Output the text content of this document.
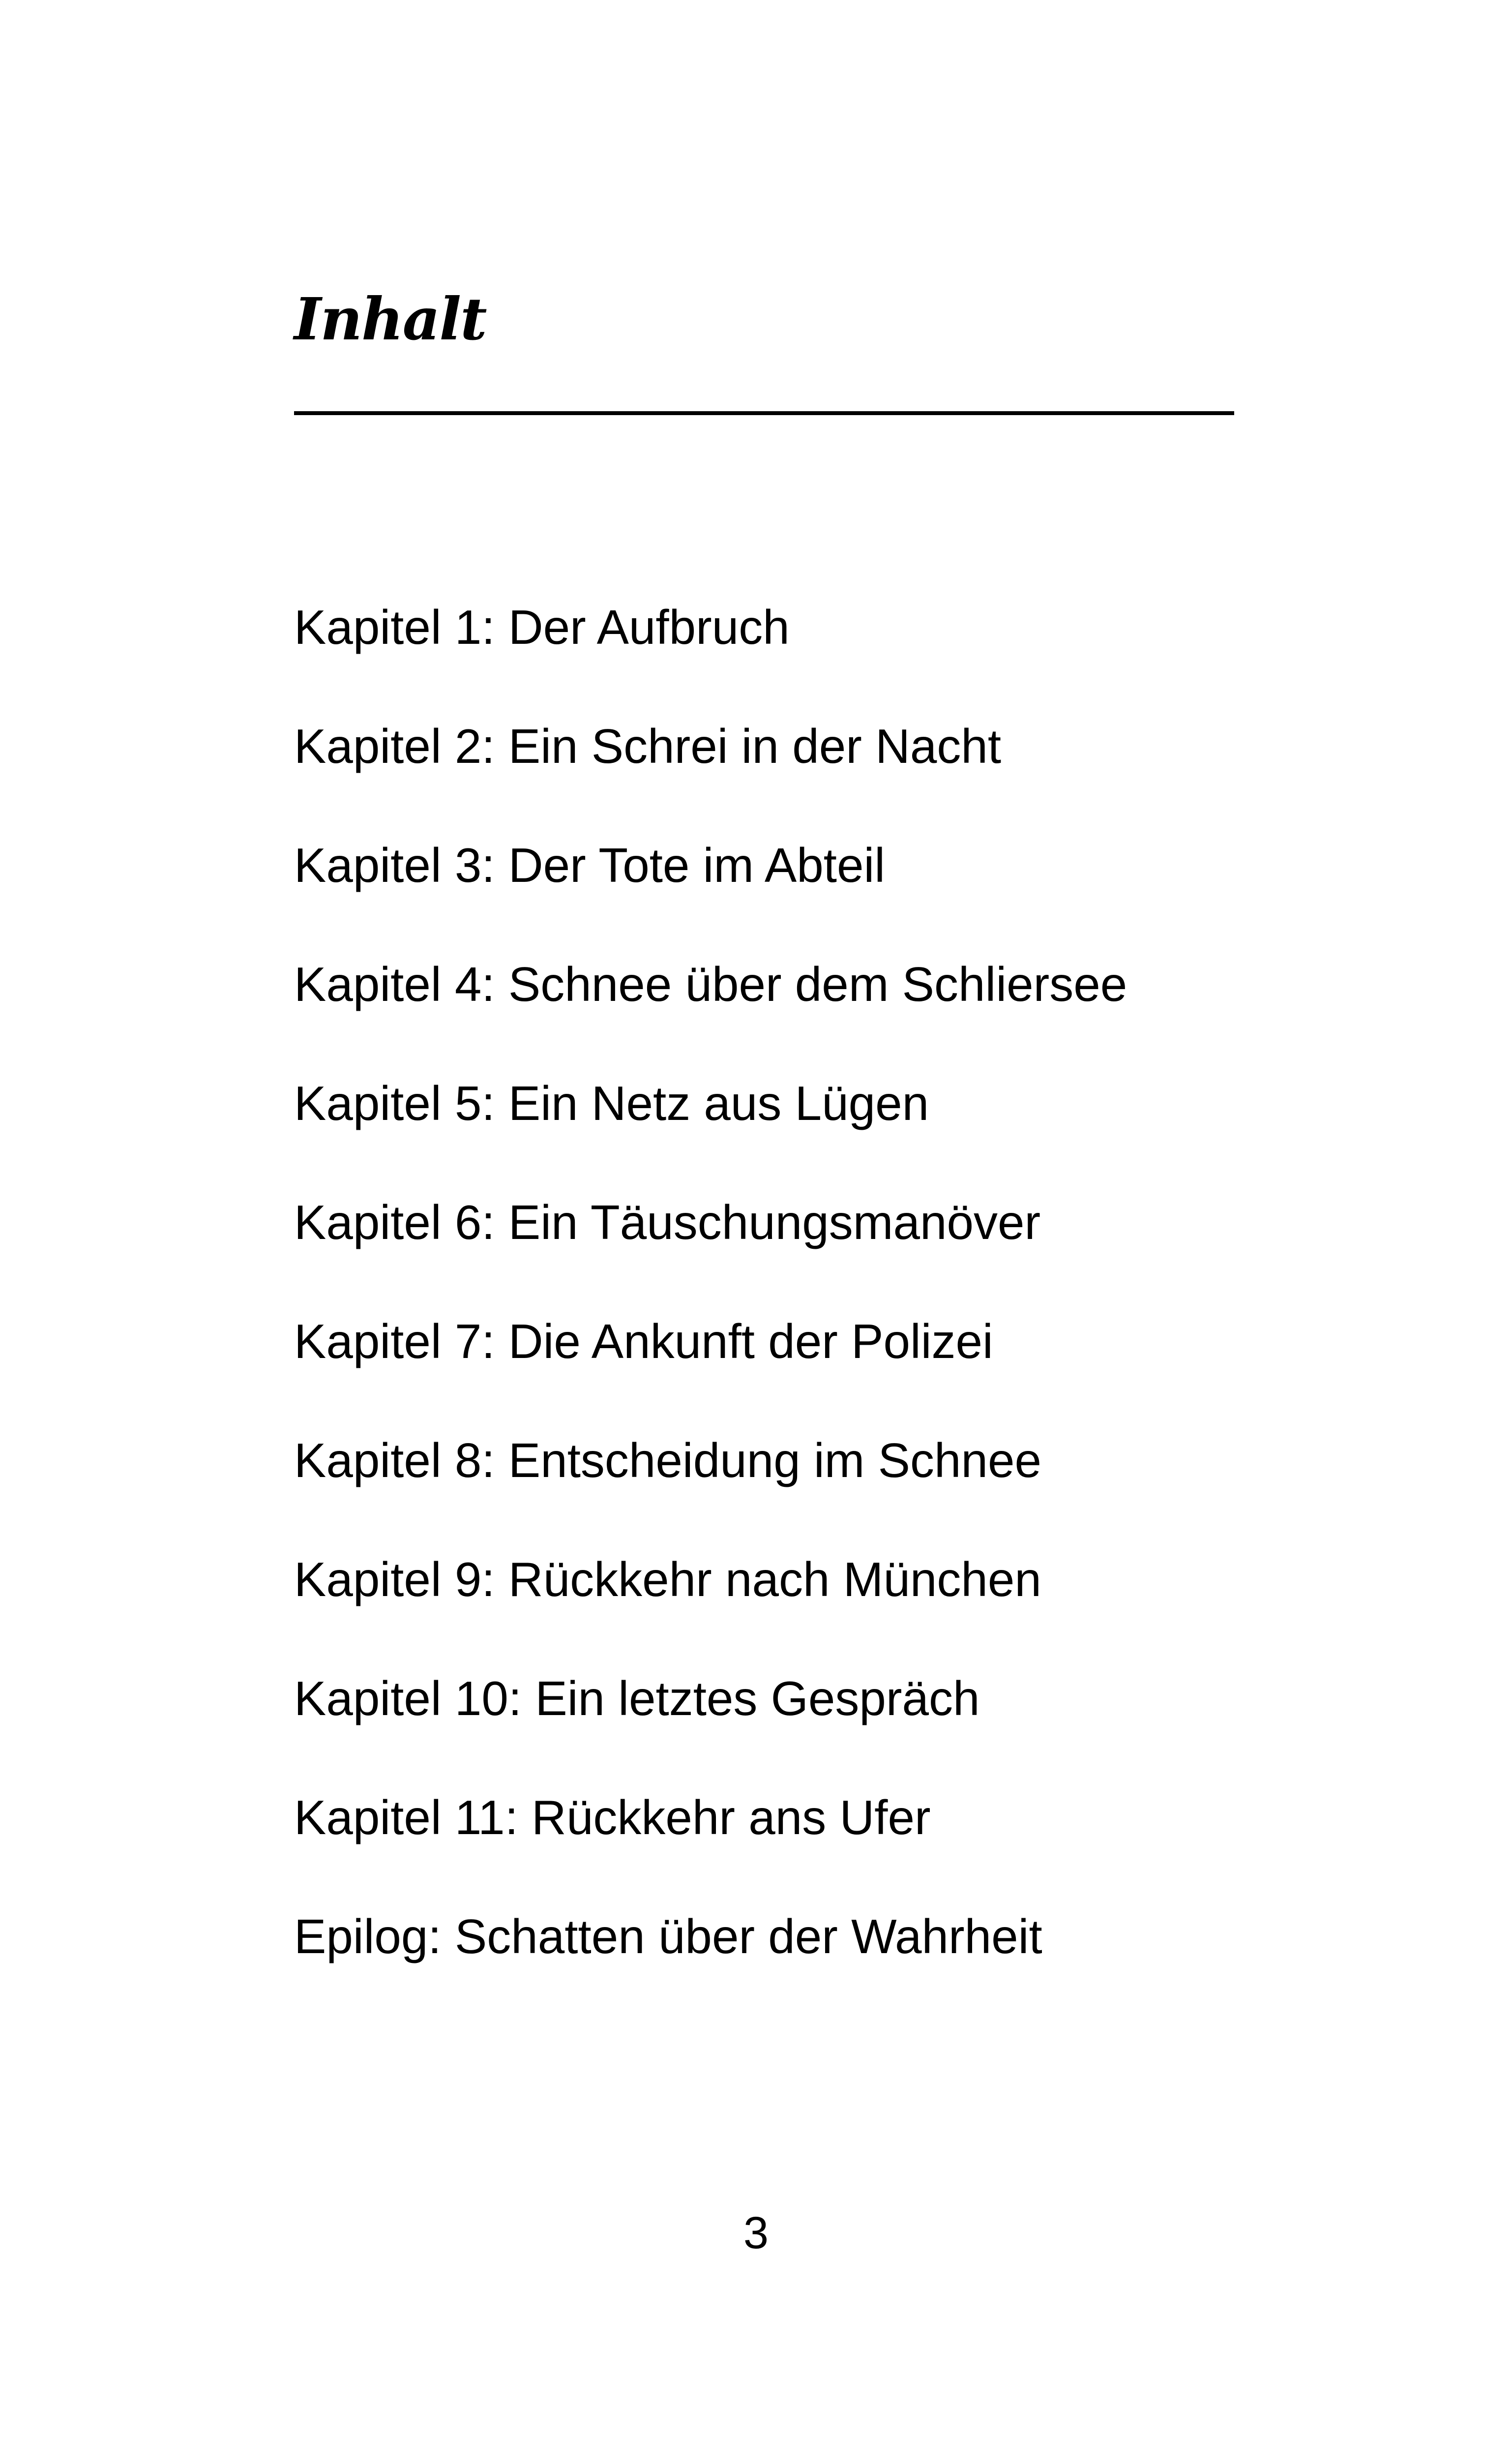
Inhalt
Kapitel 1: Der Aufbruch
Kapitel 2: Ein Schrei in der Nacht
Kapitel 3: Der Tote im Abteil
Kapitel 4: Schnee über dem Schliersee
Kapitel 5: Ein Netz aus Lügen
Kapitel 6: Ein Täuschungsmanöver
Kapitel 7: Die Ankunft der Polizei
Kapitel 8: Entscheidung im Schnee
Kapitel 9: Rückkehr nach München
Kapitel 10: Ein letztes Gespräch
Kapitel 11: Rückkehr ans Ufer
Epilog: Schatten über der Wahrheit
3
